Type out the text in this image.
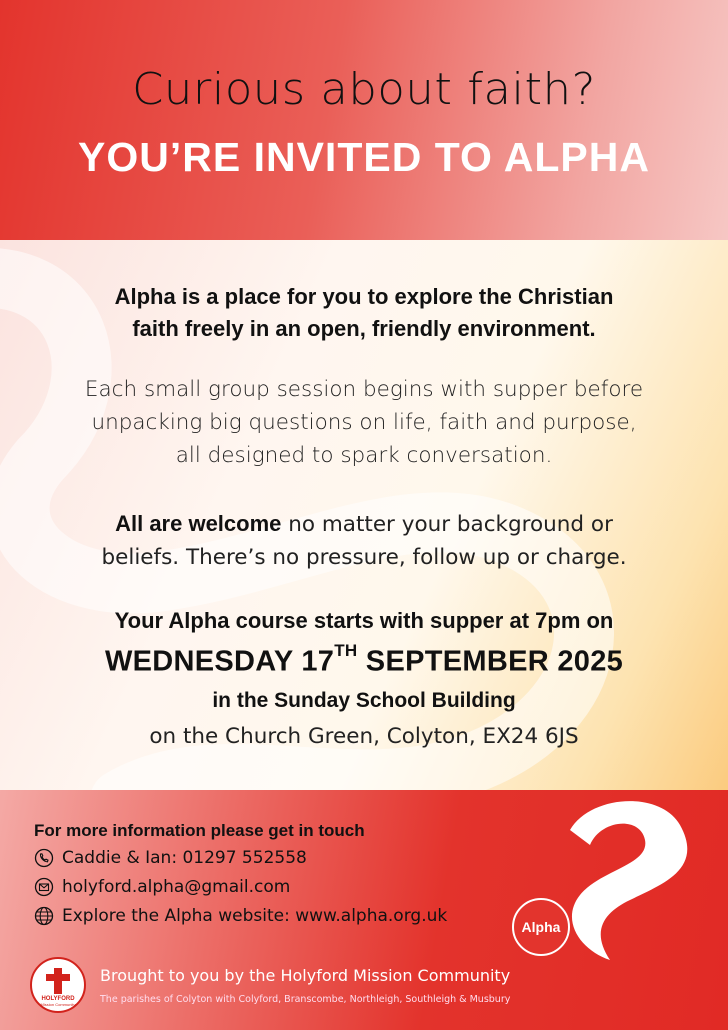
Curious about faith?
YOU’RE INVITED TO ALPHA
Alpha is a place for you to explore the Christian
faith freely in an open, friendly environment.
Each small group session begins with supper before
unpacking big questions on life, faith and purpose,
all designed to spark conversation.
All are welcome no matter your background or
beliefs. There’s no pressure, follow up or charge.
Your Alpha course starts with supper at 7pm on
WEDNESDAY 17TH SEPTEMBER 2025
in the Sunday School Building
on the Church Green, Colyton, EX24 6JS
For more information please get in touch
Caddie & Ian: 01297 552558
holyford.alpha@gmail.com
Explore the Alpha website: www.alpha.org.uk
Alpha
HOLYFORD
Mission Community
Brought to you by the Holyford Mission Community
The parishes of Colyton with Colyford, Branscombe, Northleigh, Southleigh & Musbury
